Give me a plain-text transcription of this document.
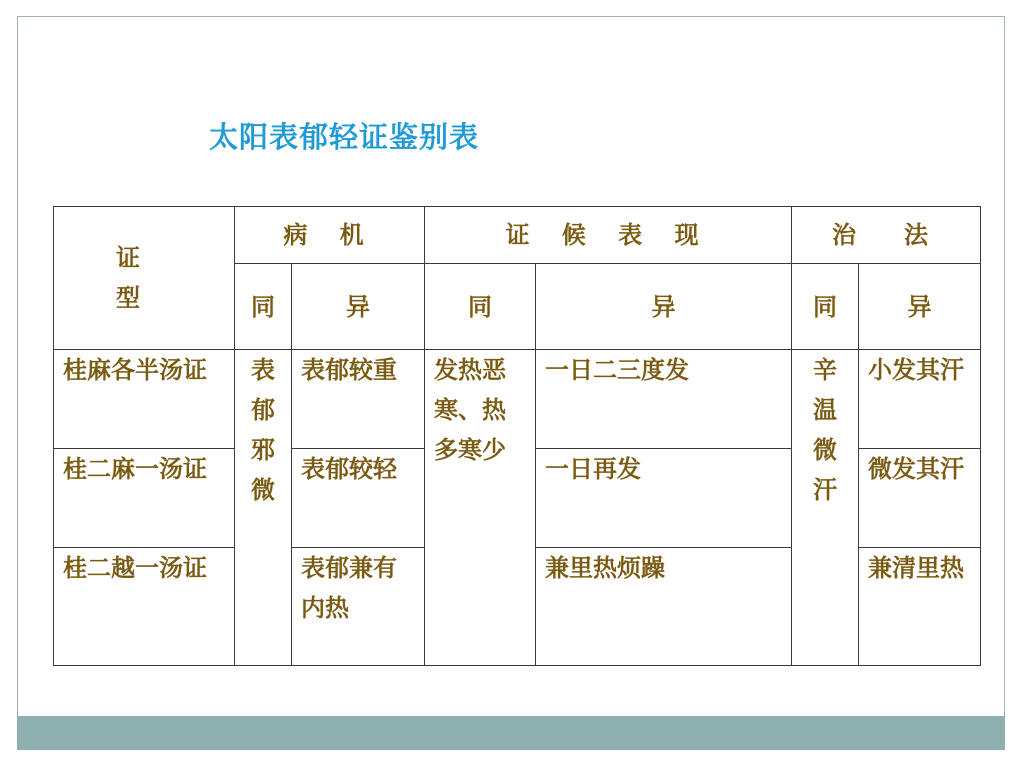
太阳表郁轻证鉴别表
证　型	病 机		证 候 表 现		治　法	
	同	异	同	异	同	异
桂麻各半汤证	表郁邪微	表郁较重	发热恶寒、热多寒少	一日二三度发	辛温微汗	小发其汗
桂二麻一汤证		表郁较轻		一日再发		微发其汗
桂二越一汤证		表郁兼有内热		兼里热烦躁		兼清里热
